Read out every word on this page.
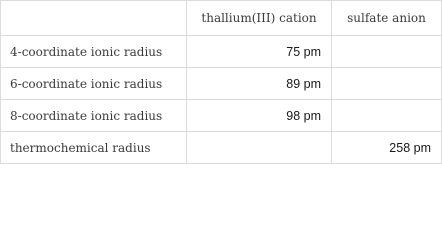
	thallium(III) cation	sulfate anion
4-coordinate ionic radius	75 pm	
6-coordinate ionic radius	89 pm	
8-coordinate ionic radius	98 pm	
thermochemical radius		258 pm
